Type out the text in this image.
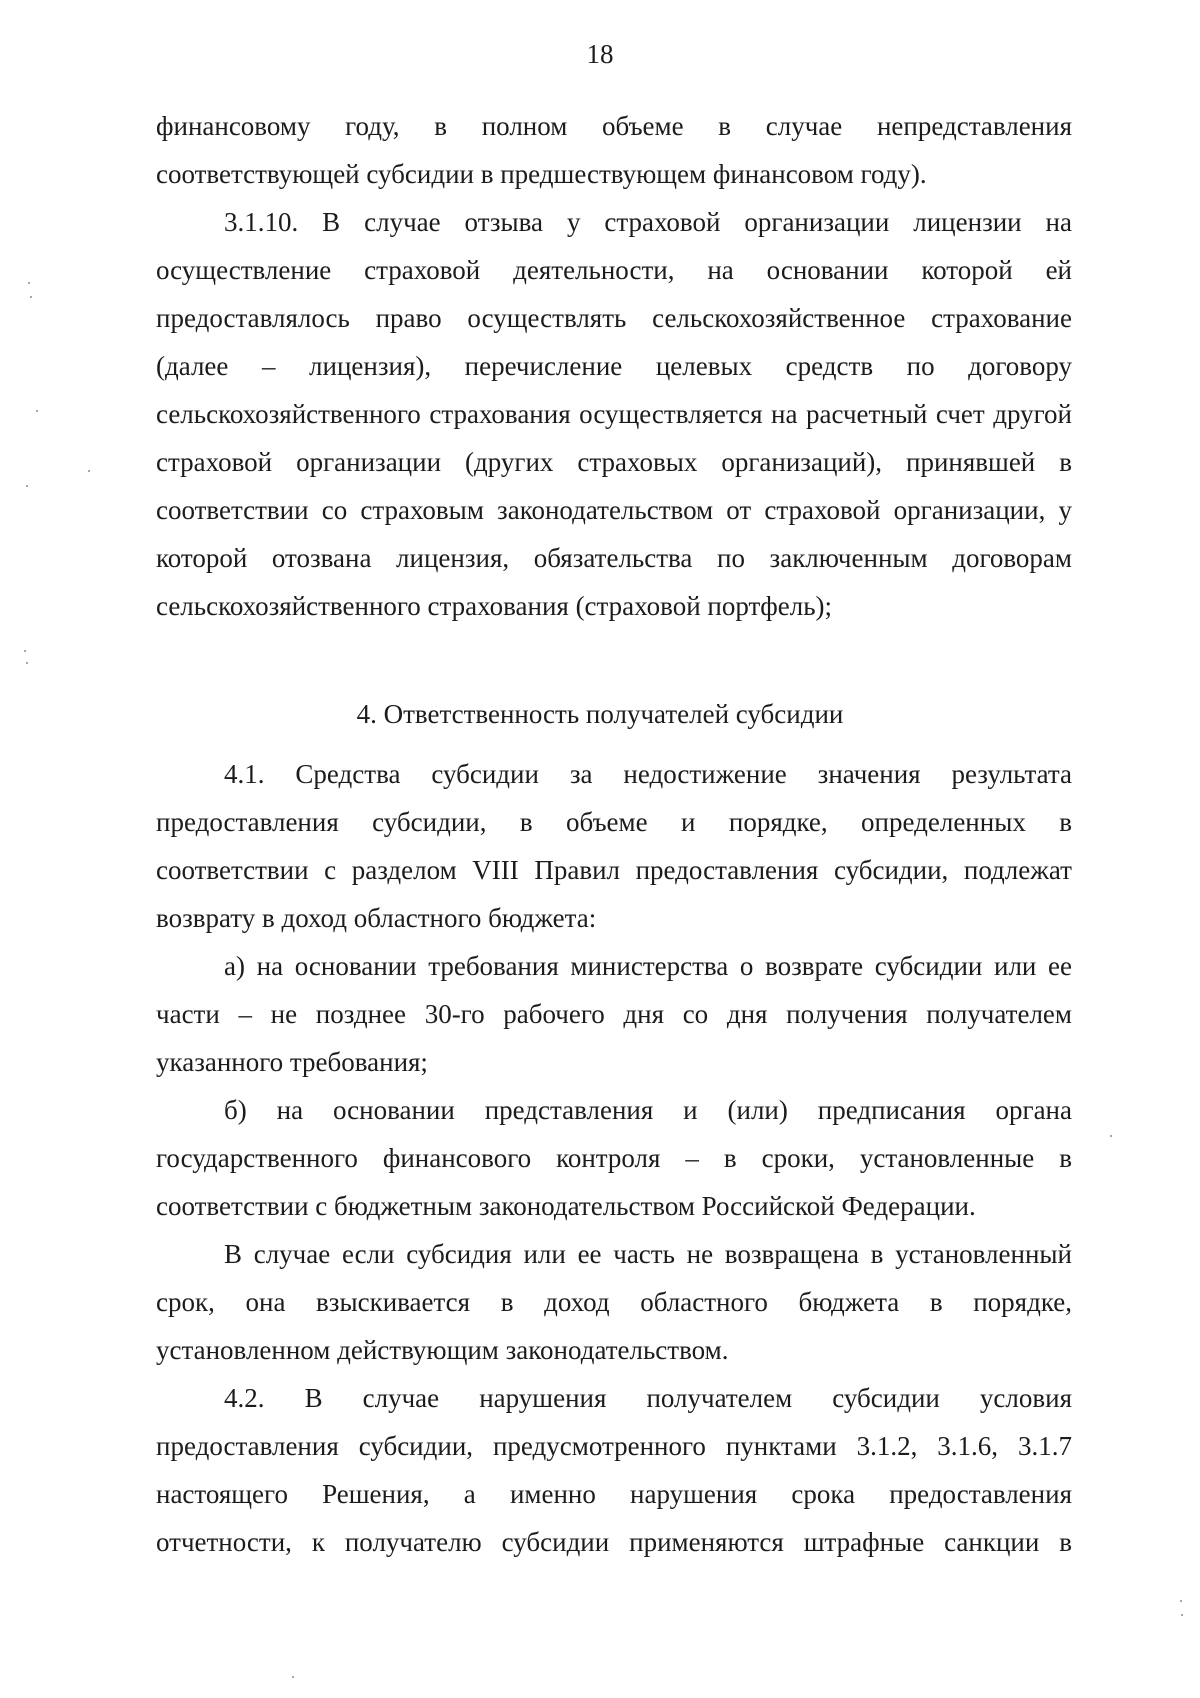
18
финансовому году, в полном объеме в случае непредставления
соответствующей субсидии в предшествующем финансовом году).
3.1.10. В случае отзыва у страховой организации лицензии на
осуществление страховой деятельности, на основании которой ей
предоставлялось право осуществлять сельскохозяйственное страхование
(далее – лицензия), перечисление целевых средств по договору
сельскохозяйственного страхования осуществляется на расчетный счет другой
страховой организации (других страховых организаций), принявшей в
соответствии со страховым законодательством от страховой организации, у
которой отозвана лицензия, обязательства по заключенным договорам
сельскохозяйственного страхования (страховой портфель);
4. Ответственность получателей субсидии
4.1. Средства субсидии за недостижение значения результата
предоставления субсидии, в объеме и порядке, определенных в
соответствии с разделом VIII Правил предоставления субсидии, подлежат
возврату в доход областного бюджета:
а) на основании требования министерства о возврате субсидии или ее
части – не позднее 30-го рабочего дня со дня получения получателем
указанного требования;
б) на основании представления и (или) предписания органа
государственного финансового контроля – в сроки, установленные в
соответствии с бюджетным законодательством Российской Федерации.
В случае если субсидия или ее часть не возвращена в установленный
срок, она взыскивается в доход областного бюджета в порядке,
установленном действующим законодательством.
4.2. В случае нарушения получателем субсидии условия
предоставления субсидии, предусмотренного пунктами 3.1.2, 3.1.6, 3.1.7
настоящего Решения, а именно нарушения срока предоставления
отчетности, к получателю субсидии применяются штрафные санкции в
